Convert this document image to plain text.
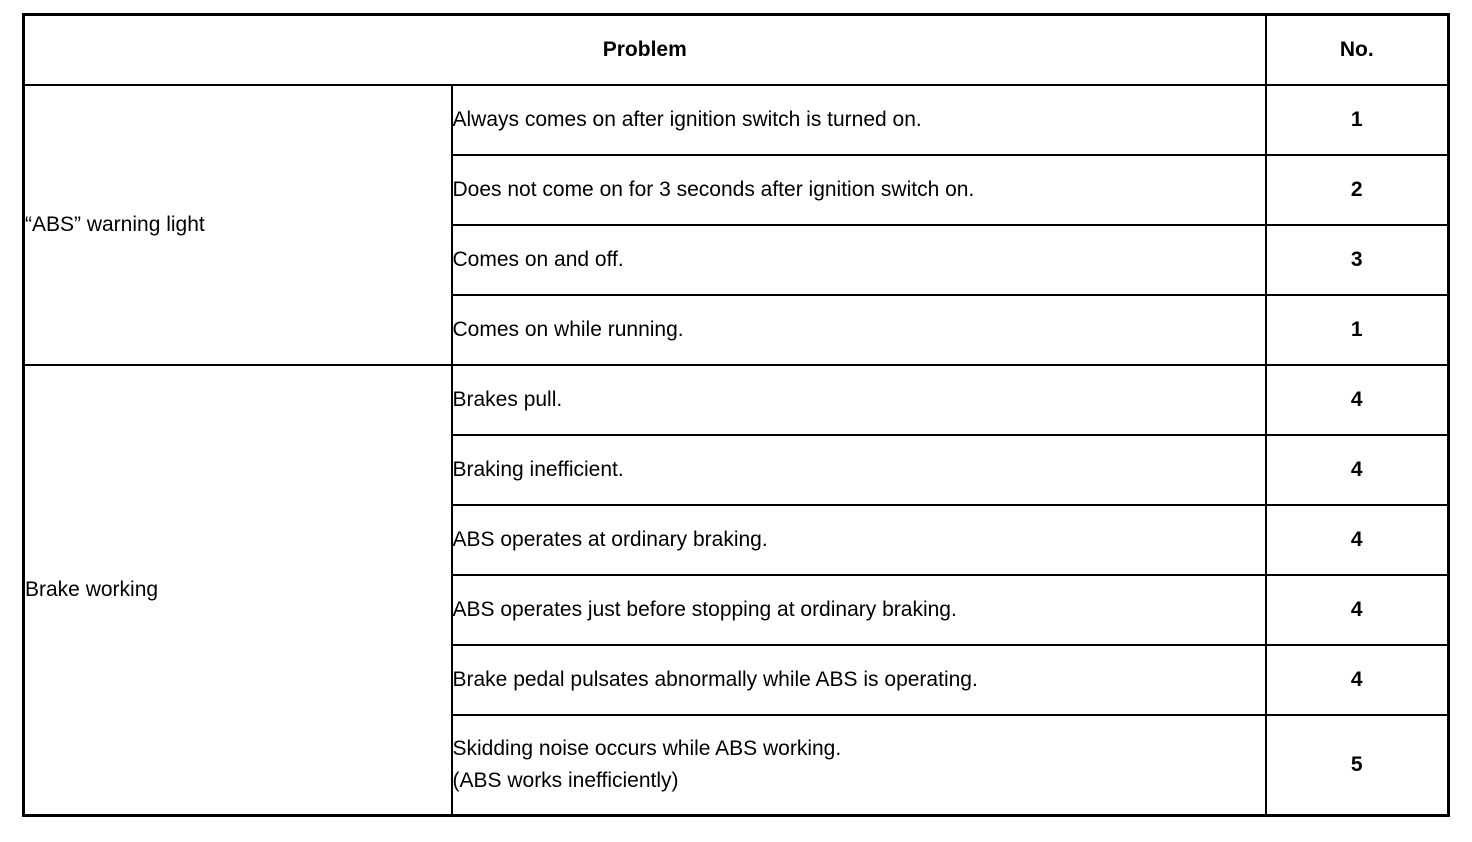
Problem		No.
“ABS” warning light	Always comes on after ignition switch is turned on.	1

	Does not come on for 3 seconds after ignition switch on.	2

	Comes on and off.	3

	Comes on while running.	1
Brake working	Brakes pull.	4

	Braking inefficient.	4

	ABS operates at ordinary braking.	4

	ABS operates just before stopping at ordinary braking.	4

	Brake pedal pulsates abnormally while ABS is operating.	4

	Skidding noise occurs while ABS working.
(ABS works inefficiently)	5
